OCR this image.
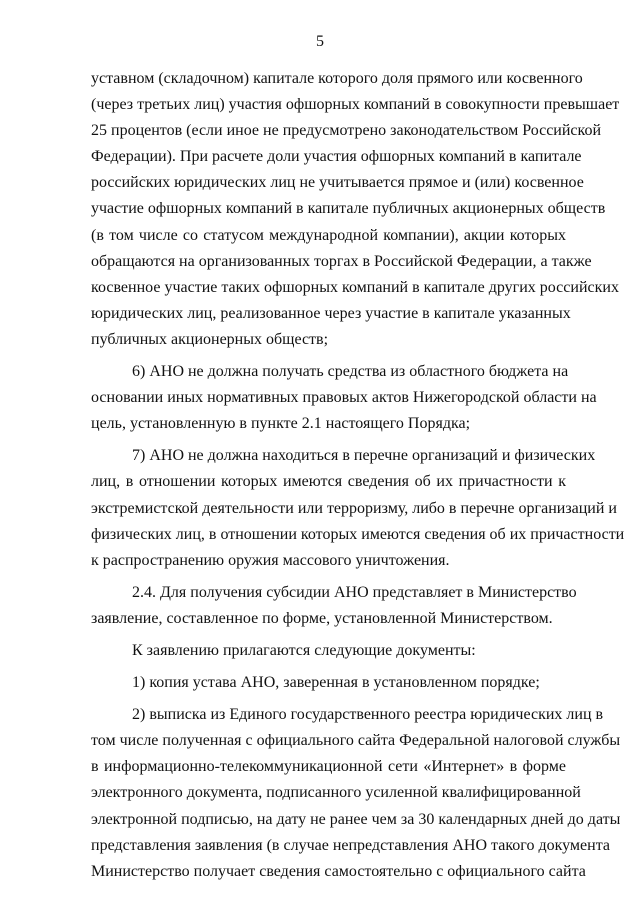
5
уставном (складочном) капитале которого доля прямого или косвенного
(через третьих лиц) участия офшорных компаний в совокупности превышает
25 процентов (если иное не предусмотрено законодательством Российской
Федерации). При расчете доли участия офшорных компаний в капитале
российских юридических лиц не учитывается прямое и (или) косвенное
участие офшорных компаний в капитале публичных акционерных обществ
(в том числе со статусом международной компании), акции которых
обращаются на организованных торгах в Российской Федерации, а также
косвенное участие таких офшорных компаний в капитале других российских
юридических лиц, реализованное через участие в капитале указанных
публичных акционерных обществ;
6) АНО не должна получать средства из областного бюджета на
основании иных нормативных правовых актов Нижегородской области на
цель, установленную в пункте 2.1 настоящего Порядка;
7) АНО не должна находиться в перечне организаций и физических
лиц, в отношении которых имеются сведения об их причастности к
экстремистской деятельности или терроризму, либо в перечне организаций и
физических лиц, в отношении которых имеются сведения об их причастности
к распространению оружия массового уничтожения.
2.4. Для получения субсидии АНО представляет в Министерство
заявление, составленное по форме, установленной Министерством.
К заявлению прилагаются следующие документы:
1) копия устава АНО, заверенная в установленном порядке;
2) выписка из Единого государственного реестра юридических лиц в
том числе полученная с официального сайта Федеральной налоговой службы
в информационно-телекоммуникационной сети «Интернет» в форме
электронного документа, подписанного усиленной квалифицированной
электронной подписью, на дату не ранее чем за 30 календарных дней до даты
представления заявления (в случае непредставления АНО такого документа
Министерство получает сведения самостоятельно с официального сайта
